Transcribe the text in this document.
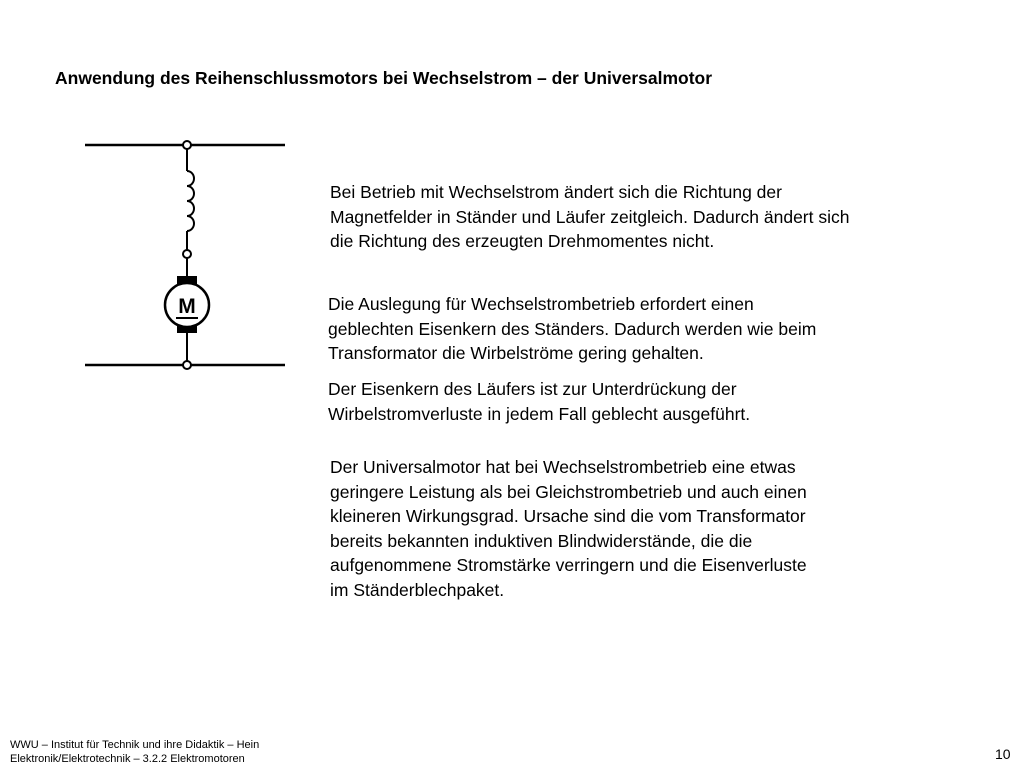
Anwendung des Reihenschlussmotors bei Wechselstrom – der Universalmotor
M
Bei Betrieb mit Wechselstrom ändert sich die Richtung der
Magnetfelder in Ständer und Läufer zeitgleich. Dadurch ändert sich
die Richtung des erzeugten Drehmomentes nicht.
Die Auslegung für Wechselstrombetrieb erfordert einen
geblechten Eisenkern des Ständers. Dadurch werden wie beim
Transformator die Wirbelströme gering gehalten.
Der Eisenkern des Läufers ist zur Unterdrückung der
Wirbelstromverluste in jedem Fall geblecht ausgeführt.
Der Universalmotor hat bei Wechselstrombetrieb eine etwas
geringere Leistung als bei Gleichstrombetrieb und auch einen
kleineren Wirkungsgrad. Ursache sind die vom Transformator
bereits bekannten induktiven Blindwiderstände, die die
aufgenommene Stromstärke verringern und die Eisenverluste
im Ständerblechpaket.
WWU – Institut für Technik und ihre Didaktik – Hein
Elektronik/Elektrotechnik – 3.2.2 Elektromotoren	10
